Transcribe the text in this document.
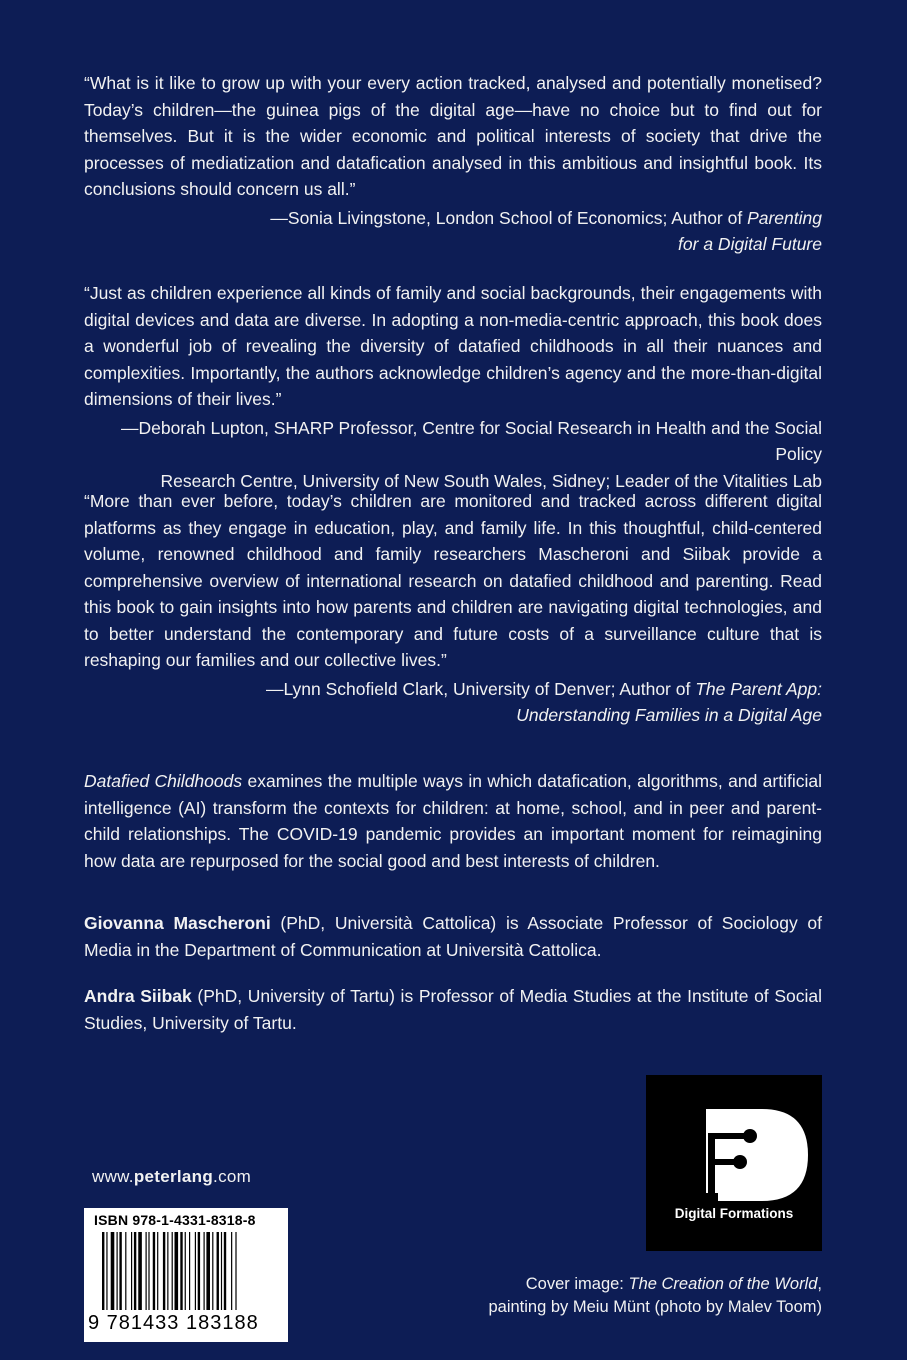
“What is it like to grow up with your every action tracked, analysed and potentially monetised? Today’s children—the guinea pigs of the digital age—have no choice but to find out for themselves. But it is the wider economic and political interests of society that drive the processes of mediatization and datafication analysed in this ambitious and insightful book. Its conclusions should concern us all.”

—Sonia Livingstone, London School of Economics; Author of Parenting
for a Digital Future

“Just as children experience all kinds of family and social backgrounds, their engagements with digital devices and data are diverse. In adopting a non-media-centric approach, this book does a wonderful job of revealing the diversity of datafied childhoods in all their nuances and complexities. Importantly, the authors acknowledge children’s agency and the more-than-digital dimensions of their lives.”

—Deborah Lupton, SHARP Professor, Centre for Social Research in Health and the Social Policy
Research Centre, University of New South Wales, Sidney; Leader of the Vitalities Lab

“More than ever before, today’s children are monitored and tracked across different digital platforms as they engage in education, play, and family life. In this thoughtful, child-centered volume, renowned childhood and family researchers Mascheroni and Siibak provide a comprehensive overview of international research on datafied childhood and parenting. Read this book to gain insights into how parents and children are navigating digital technologies, and to better understand the contemporary and future costs of a surveillance culture that is reshaping our families and our collective lives.”

—Lynn Schofield Clark, University of Denver; Author of The Parent App:
Understanding Families in a Digital Age

Datafied Childhoods examines the multiple ways in which datafication, algorithms, and artificial intelligence (AI) transform the contexts for children: at home, school, and in peer and parent-child relationships. The COVID-19 pandemic provides an important moment for reimagining how data are repurposed for the social good and best interests of children.

Giovanna Mascheroni (PhD, Università Cattolica) is Associate Professor of Sociology of Media in the Department of Communication at Università Cattolica.

Andra Siibak (PhD, University of Tartu) is Professor of Media Studies at the Institute of Social Studies, University of Tartu.

www.peterlang.com
ISBN 978-1-4331-8318-8
9 781433 183188
Digital Formations
Cover image: The Creation of the World,
painting by Meiu Münt (photo by Malev Toom)
